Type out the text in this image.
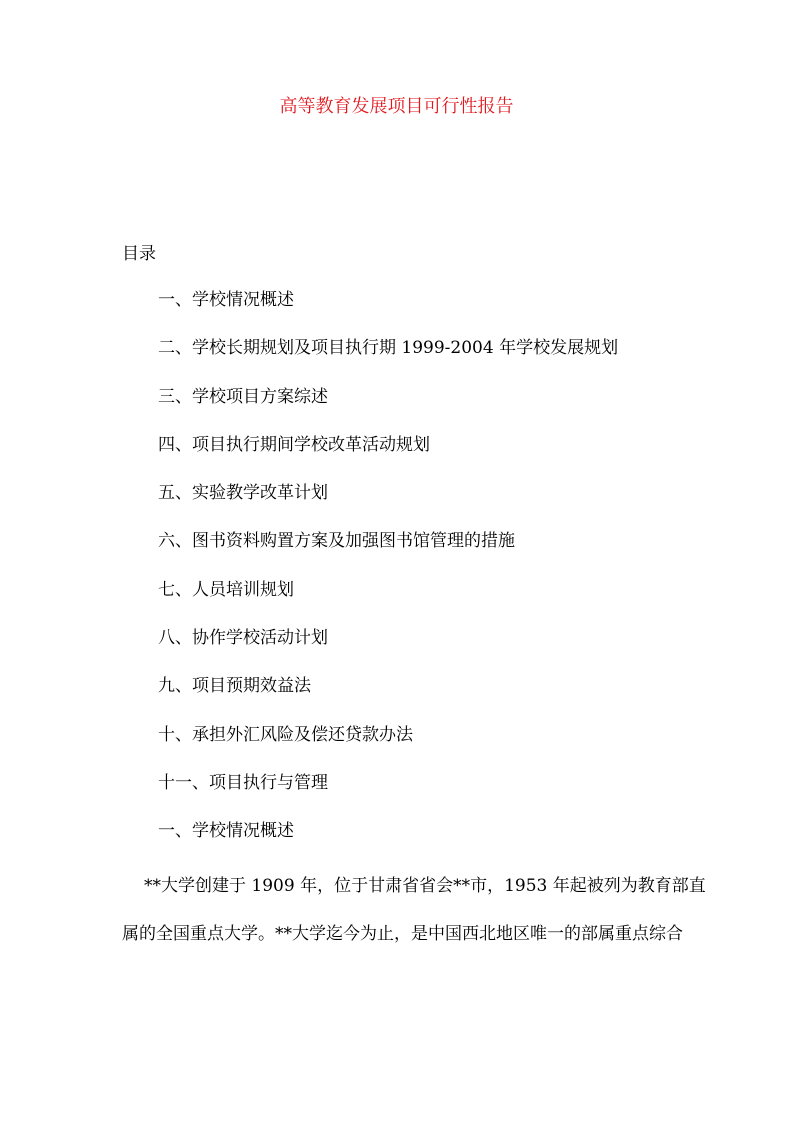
高等教育发展项目可行性报告
目录
一、学校情况概述
二、学校长期规划及项目执行期 1999-2004 年学校发展规划
三、学校项目方案综述
四、项目执行期间学校改革活动规划
五、实验教学改革计划
六、图书资料购置方案及加强图书馆管理的措施
七、人员培训规划
八、协作学校活动计划
九、项目预期效益法
十、承担外汇风险及偿还贷款办法
十一、项目执行与管理
一、学校情况概述
**大学创建于 1909 年，位于甘肃省省会**市，1953 年起被列为教育部直
属的全国重点大学。**大学迄今为止，是中国西北地区唯一的部属重点综合
